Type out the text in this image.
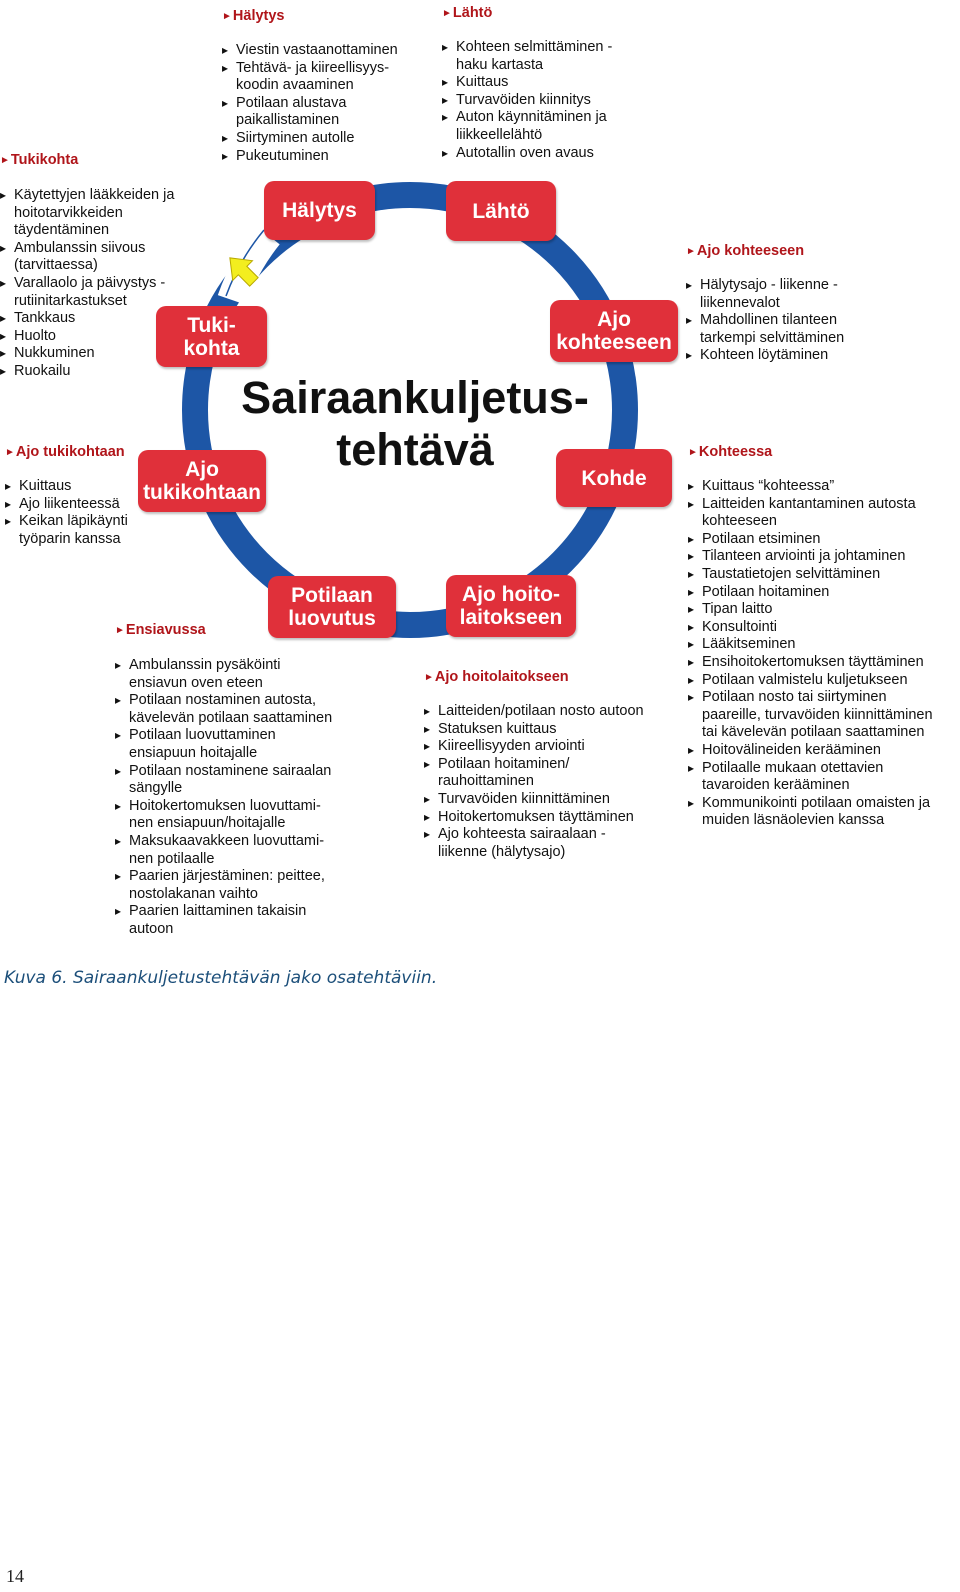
Hälytys	Lähtö
Ajo
kohteeseen
Kohde
Ajo hoito-
laitokseen
Potilaan
luovutus
Ajo
tukikohtaan
Tuki-
kohta
Sairaankuljetus-
tehtävä
►Hälytys
▸ Viestin vastaanottaminen
▸ Tehtävä- ja kiireellisyys-
koodin avaaminen
▸ Potilaan alustava
paikallistaminen
▸ Siirtyminen autolle
▸ Pukeutuminen
►Lähtö
▸ Kohteen selmittäminen -
haku kartasta
▸ Kuittaus
▸ Turvavöiden kiinnitys
▸ Auton käynnitäminen ja
liikkeellelähtö
▸ Autotallin oven avaus
►Tukikohta
▸ Käytettyjen lääkkeiden ja
hoitotarvikkeiden
täydentäminen
▸ Ambulanssin siivous
(tarvittaessa)
▸ Varallaolo ja päivystys -
rutiinitarkastukset
▸ Tankkaus
▸ Huolto
▸ Nukkuminen
▸ Ruokailu
►Ajo kohteeseen
▸ Hälytysajo - liikenne -
liikennevalot
▸ Mahdollinen tilanteen
tarkempi selvittäminen
▸ Kohteen löytäminen
►Ajo tukikohtaan
▸ Kuittaus
▸ Ajo liikenteessä
▸ Keikan läpikäynti
työparin kanssa
►Kohteessa
▸ Kuittaus “kohteessa”
▸ Laitteiden kantantaminen autosta
kohteeseen
▸ Potilaan etsiminen
▸ Tilanteen arviointi ja johtaminen
▸ Taustatietojen selvittäminen
▸ Potilaan hoitaminen
▸ Tipan laitto
▸ Konsultointi
▸ Lääkitseminen
▸ Ensihoitokertomuksen täyttäminen
▸ Potilaan valmistelu kuljetukseen
▸ Potilaan nosto tai siirtyminen
paareille, turvavöiden kiinnittäminen
tai kävelevän potilaan saattaminen
▸ Hoitovälineiden kerääminen
▸ Potilaalle mukaan otettavien
tavaroiden kerääminen
▸ Kommunikointi potilaan omaisten ja
muiden läsnäolevien kanssa
►Ensiavussa
▸ Ambulanssin pysäköinti
ensiavun oven eteen
▸ Potilaan nostaminen autosta,
kävelevän potilaan saattaminen
▸ Potilaan luovuttaminen
ensiapuun hoitajalle
▸ Potilaan nostaminene sairaalan
sängylle
▸ Hoitokertomuksen luovuttami-
nen ensiapuun/hoitajalle
▸ Maksukaavakkeen luovuttami-
nen potilaalle
▸ Paarien järjestäminen: peittee,
nostolakanan vaihto
▸ Paarien laittaminen takaisin
autoon
►Ajo hoitolaitokseen
▸ Laitteiden/potilaan nosto autoon
▸ Statuksen kuittaus
▸ Kiireellisyyden arviointi
▸ Potilaan hoitaminen/
rauhoittaminen
▸ Turvavöiden kiinnittäminen
▸ Hoitokertomuksen täyttäminen
▸ Ajo kohteesta sairaalaan -
liikenne (hälytysajo)
Kuva 6. Sairaankuljetustehtävän jako osatehtäviin.
14
